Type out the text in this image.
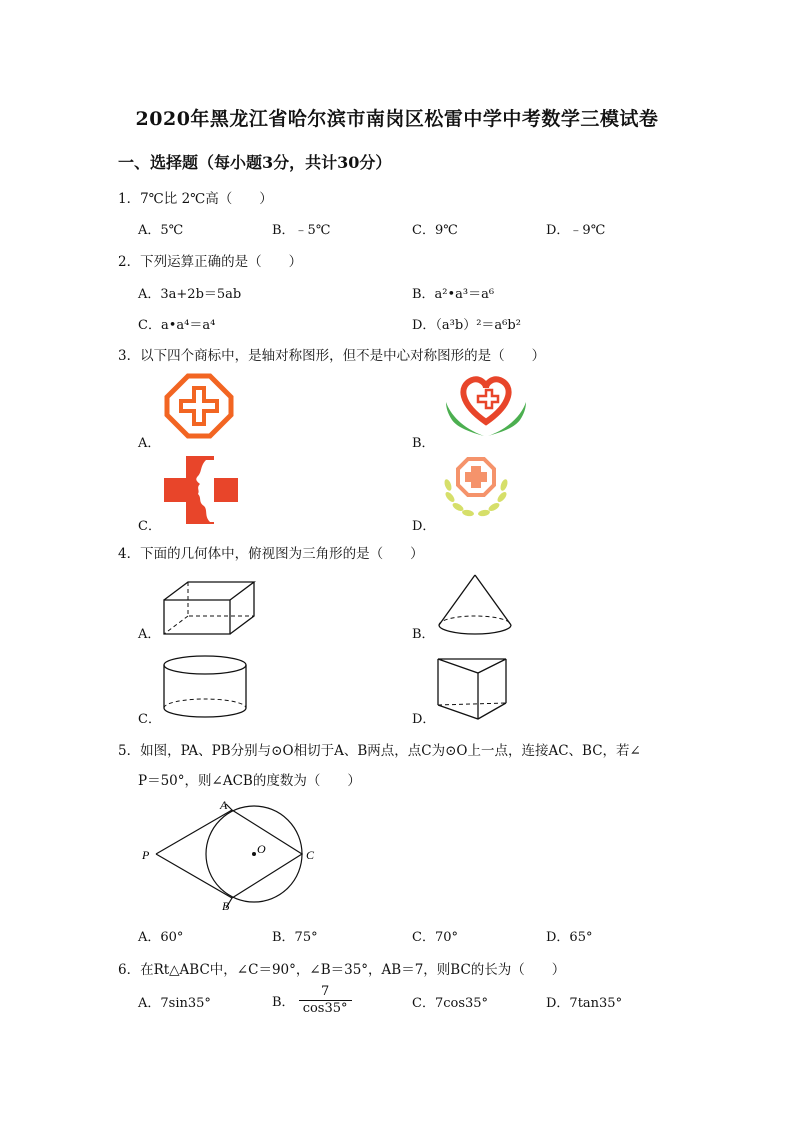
2020年黑龙江省哈尔滨市南岗区松雷中学中考数学三模试卷
一、选择题（每小题3分，共计30分）
1．7℃比 2℃高（　　）
A．5℃	B．﹣5℃	C．9℃	D．﹣9℃
2．下列运算正确的是（　　）
A．3a+2b＝5ab	B．a²•a³＝a⁶
C．a•a⁴＝a⁴	D．（a³b）²＝a⁶b²
3．以下四个商标中，是轴对称图形，但不是中心对称图形的是（　　）
A．	B．
C．	D．
4．下面的几何体中，俯视图为三角形的是（　　）
A．	B．
C．	D．
5．如图，PA、PB分别与⊙O相切于A、B两点，点C为⊙O上一点，连接AC、BC，若∠
P＝50°，则∠ACB的度数为（　　）
A
B
P	O	C
A．60°	B．75°	C．70°	D．65°
6．在Rt△ABC中，∠C＝90°，∠B＝35°，AB＝7，则BC的长为（　　）
A．7sin35°	B． $\frac{7}{\cos 35^\circ}$	C．7cos35°	D．7tan35°
